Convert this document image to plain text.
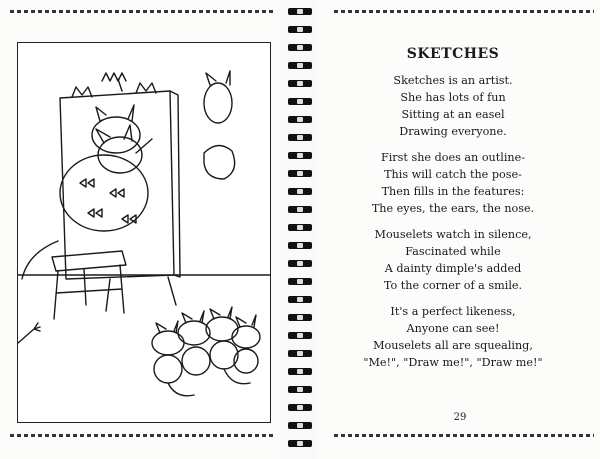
SKETCHES
Sketches is an artist.
She has lots of fun
Sitting at an easel
Drawing everyone.
First she does an outline-
This will catch the pose-
Then fills in the features:
The eyes, the ears, the nose.
Mouselets watch in silence,
Fascinated while
A dainty dimple's added
To the corner of a smile.
It's a perfect likeness,
Anyone can see!
Mouselets all are squealing,
"Me!", "Draw me!", "Draw me!"
29
